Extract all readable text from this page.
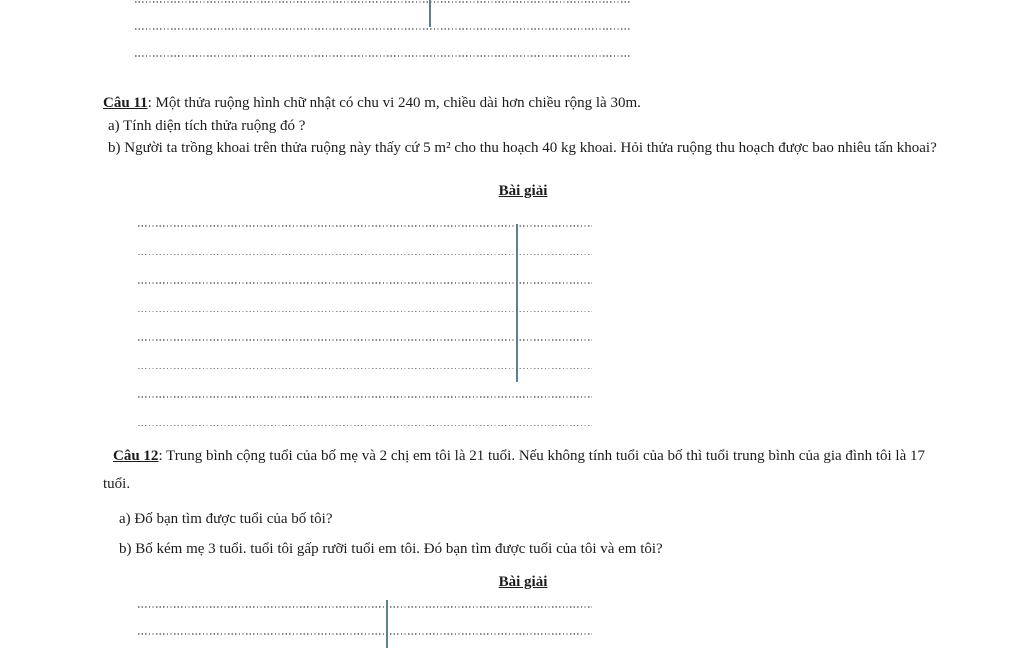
Câu 11: Một thửa ruộng hình chữ nhật có chu vi 240 m, chiều dài hơn chiều rộng là 30m.
a) Tính diện tích thửa ruộng đó ?
b) Người ta trồng khoai trên thửa ruộng này thấy cứ 5 m² cho thu hoạch 40 kg khoai. Hỏi thửa ruộng thu hoạch được bao nhiêu tấn khoai?
Bài giải
Câu 12: Trung bình cộng tuổi của bố mẹ và 2 chị em tôi là 21 tuổi. Nếu không tính tuổi của bố thì tuổi trung bình của gia đình tôi là 17 tuổi.
a) Đố bạn tìm được tuổi của bố tôi?
b) Bố kém mẹ 3 tuổi. tuổi tôi gấp rưỡi tuổi em tôi. Đó bạn tìm được tuổi của tôi và em tôi?
Bài giải
